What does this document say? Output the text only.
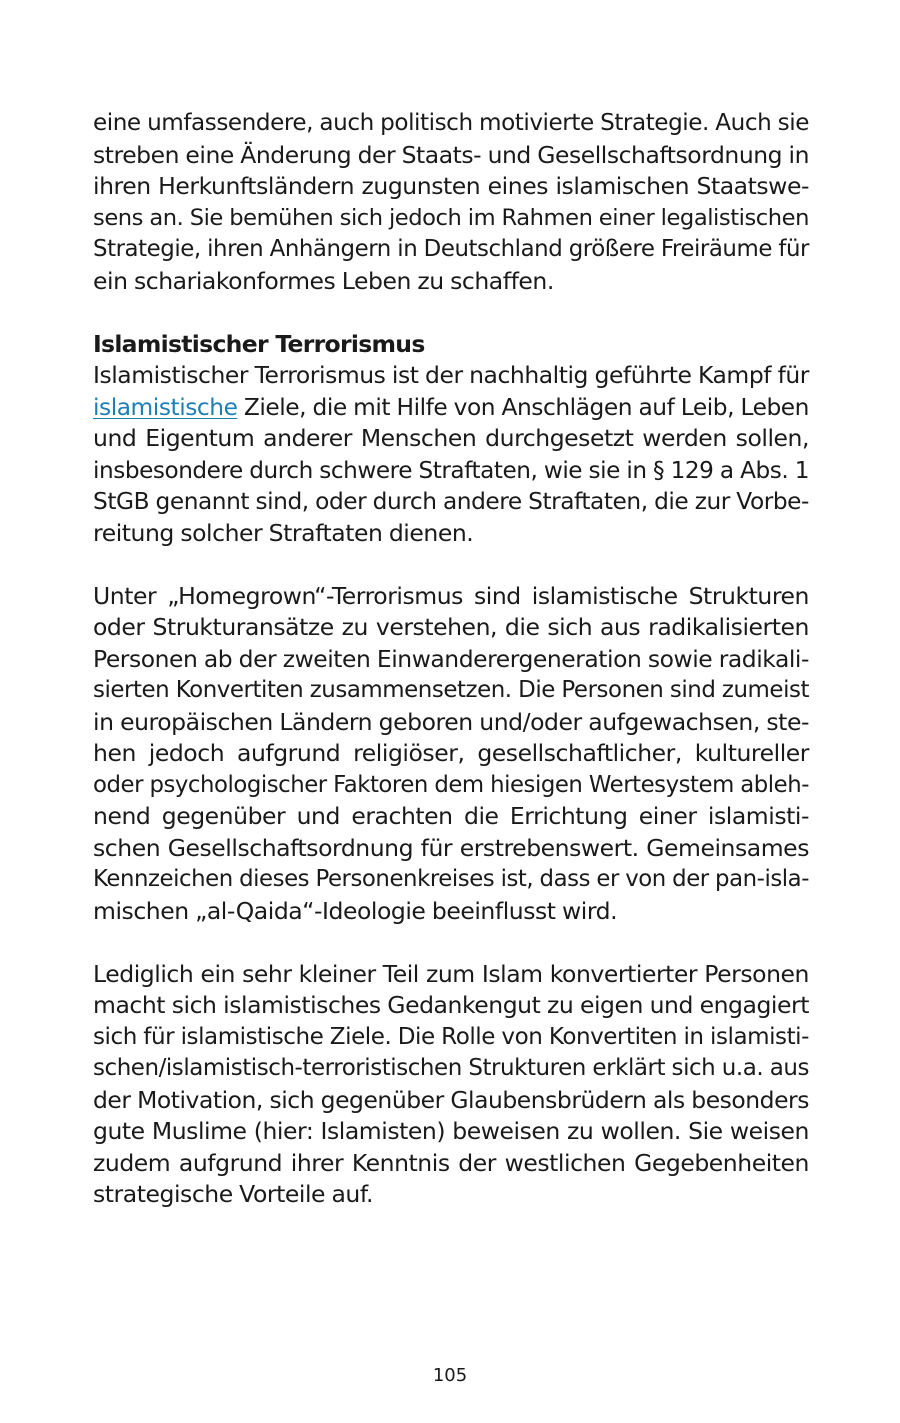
eine umfassendere, auch politisch motivierte Strategie. Auch sie
streben eine Änderung der Staats- und Gesellschaftsordnung in
ihren Herkunftsländern zugunsten eines islamischen Staatswe-
sens an. Sie bemühen sich jedoch im Rahmen einer legalistischen
Strategie, ihren Anhängern in Deutschland größere Freiräume für
ein schariakonformes Leben zu schaffen.
Islamistischer Terrorismus
Islamistischer Terrorismus ist der nachhaltig geführte Kampf für
islamistische Ziele, die mit Hilfe von Anschlägen auf Leib, Leben
und Eigentum anderer Menschen durchgesetzt werden sollen,
insbesondere durch schwere Straftaten, wie sie in § 129 a Abs. 1
StGB genannt sind, oder durch andere Straftaten, die zur Vorbe-
reitung solcher Straftaten dienen.
Unter „Homegrown“-Terrorismus sind islamistische Strukturen
oder Strukturansätze zu verstehen, die sich aus radikalisierten
Personen ab der zweiten Einwanderergeneration sowie radikali-
sierten Konvertiten zusammensetzen. Die Personen sind zumeist
in europäischen Ländern geboren und/oder aufgewachsen, ste-
hen jedoch aufgrund religiöser, gesellschaftlicher, kultureller
oder psychologischer Faktoren dem hiesigen Wertesystem ableh-
nend gegenüber und erachten die Errichtung einer islamisti-
schen Gesellschaftsordnung für erstrebenswert. Gemeinsames
Kennzeichen dieses Personenkreises ist, dass er von der pan-isla-
mischen „al-Qaida“-Ideologie beeinflusst wird.
Lediglich ein sehr kleiner Teil zum Islam konvertierter Personen
macht sich islamistisches Gedankengut zu eigen und engagiert
sich für islamistische Ziele. Die Rolle von Konvertiten in islamisti-
schen/islamistisch-terroristischen Strukturen erklärt sich u.a. aus
der Motivation, sich gegenüber Glaubensbrüdern als besonders
gute Muslime (hier: Islamisten) beweisen zu wollen. Sie weisen
zudem aufgrund ihrer Kenntnis der westlichen Gegebenheiten
strategische Vorteile auf.
105
